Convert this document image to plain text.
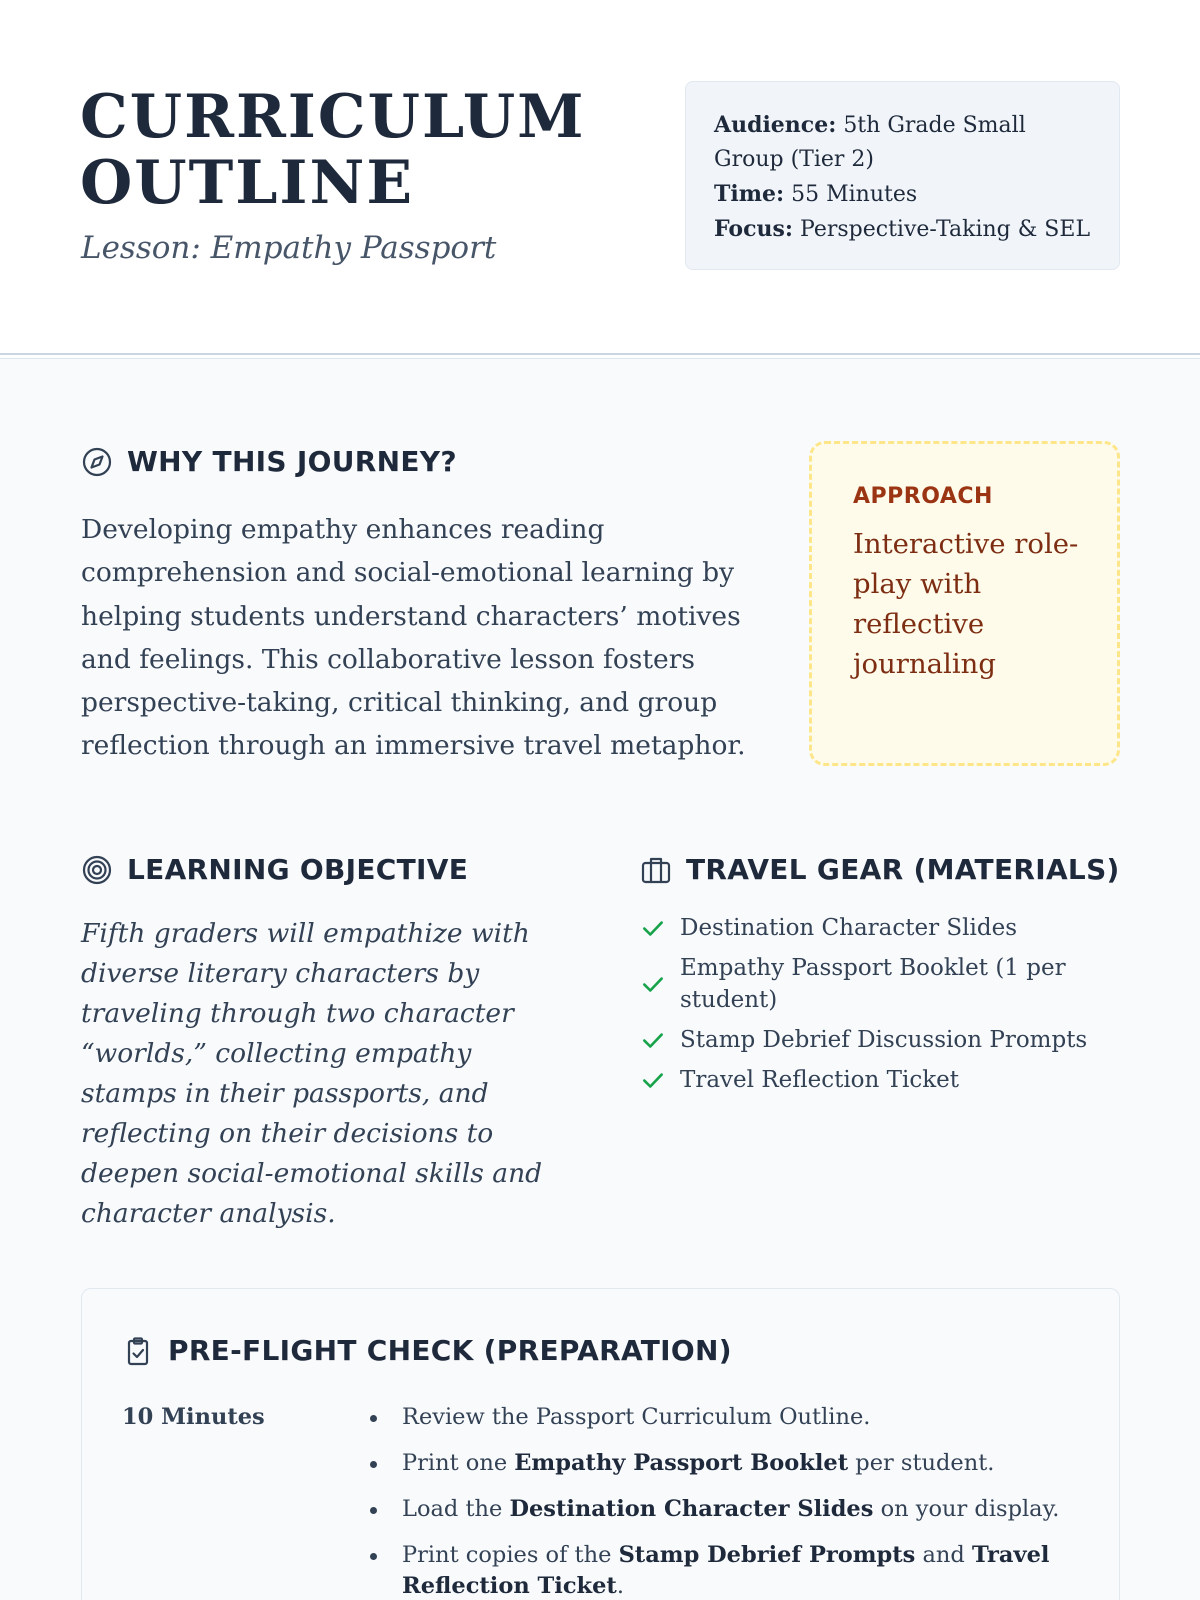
CURRICULUM
OUTLINE
Lesson: Empathy Passport
Audience: 5th Grade Small Group (Tier 2)
Time: 55 Minutes
Focus: Perspective-Taking & SEL
WHY THIS JOURNEY?

Developing empathy enhances reading comprehension and social-emotional learning by helping students understand characters’ motives and feelings. This collaborative lesson fosters perspective-taking, critical thinking, and group reflection through an immersive travel metaphor.

APPROACH
Interactive role-play with reflective journaling
LEARNING OBJECTIVE

Fifth graders will empathize with diverse literary characters by traveling through two character “worlds,” collecting empathy stamps in their passports, and reflecting on their decisions to deepen social-emotional skills and character analysis.

TRAVEL GEAR (MATERIALS)
Destination Character Slides
Empathy Passport Booklet (1 per student)
Stamp Debrief Discussion Prompts
Travel Reflection Ticket
PRE-FLIGHT CHECK (PREPARATION)
10 Minutes	Review the Passport Curriculum Outline.
Print one Empathy Passport Booklet per student.
Load the Destination Character Slides on your display.
Print copies of the Stamp Debrief Prompts and Travel Reflection Ticket.
